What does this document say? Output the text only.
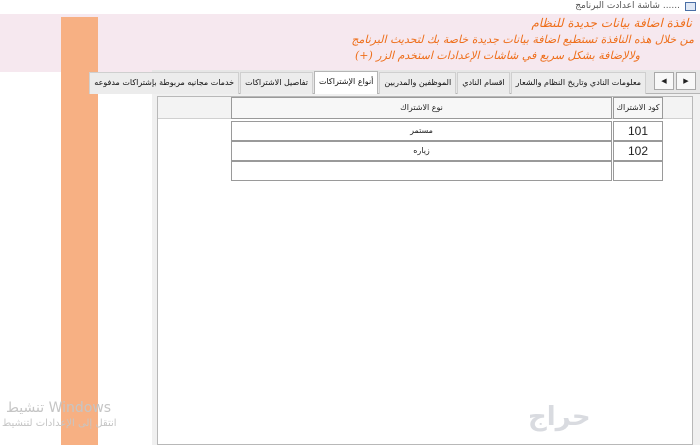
...... شاشة اعدادت البرنامج
نافذة اضافة بيانات جديدة للنظام
من خلال هذه النافذة تستطيع اضافة بيانات جديدة خاصة بك لتحديث البرنامج
ولالإضافة بشكل سريع في شاشات الإعدادات استخدم الزر (+)
تنشيط Windows
انتقل إلى الإعدادات لتنشيط
معلومات النادي وتاريخ النظام والشعار
اقسام النادي
الموظفين والمدربين
أنواع الإشتراكات
تفاصيل الاشتراكات
خدمات مجانيه مربوطة بإشتراكات مدفوعه	◀	▶
كود الاشتراك
نوع الاشتراك
101
مستمر
102
زياره
حراج
